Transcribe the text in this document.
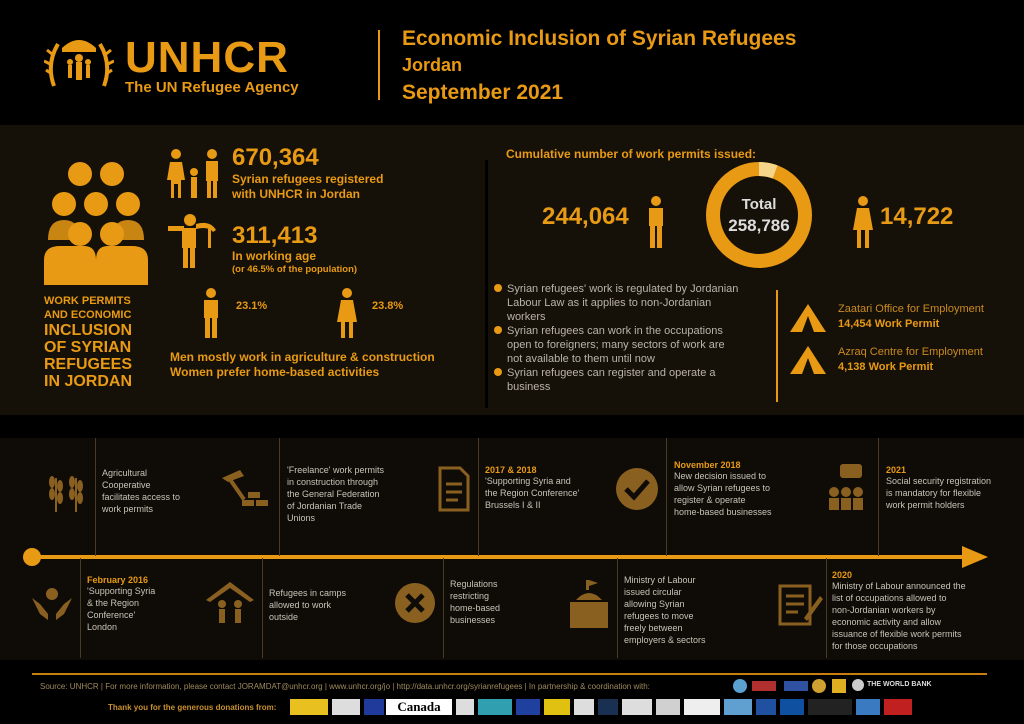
UNHCR
The UN Refugee Agency
Economic Inclusion of Syrian Refugees
Jordan
September 2021
WORK PERMITS
AND ECONOMIC
INCLUSION
OF SYRIAN
REFUGEES
IN JORDAN
670,364
Syrian refugees registered
with UNHCR in Jordan
311,413
In working age
(or 46.5% of the population)
23.1%	23.8%
Men mostly work in agriculture & construction
Women prefer home-based activities
Cumulative number of work permits issued:
244,064	Total
258,786	14,722
Syrian refugees' work is regulated by Jordanian
Labour Law as it applies to non-Jordanian
workers
Syrian refugees can work in the occupations
open to foreigners; many sectors of work are
not available to them until now
Syrian refugees can register and operate a
business
Zaatari Office for Employment
14,454 Work Permit
Azraq Centre for Employment
4,138 Work Permit
Agricultural
Cooperative
facilitates access to
work permits
'Freelance' work permits
in construction through
the General Federation
of Jordanian Trade
Unions
2017 & 2018
'Supporting Syria and
the Region Conference'
Brussels I & II
November 2018
New decision issued to
allow Syrian refugees to
register & operate
home-based businesses
2021
Social security registration
is mandatory for flexible
work permit holders
February 2016
'Supporting Syria
& the Region
Conference'
London
Refugees in camps
allowed to work
outside
Regulations
restricting
home-based
businesses
Ministry of Labour
issued circular
allowing Syrian
refugees to move
freely between
employers & sectors
2020
Ministry of Labour announced the
list of occupations allowed to
non-Jordanian workers by
economic activity and allow
issuance of flexible work permits
for those occupations
Source: UNHCR | For more information, please contact JORAMDAT@unhcr.org | www.unhcr.org/jo | http://data.unhcr.org/syrianrefugees | In partnership & coordination with:	THE WORLD BANK
Thank you for the generous donations from:	Canada
